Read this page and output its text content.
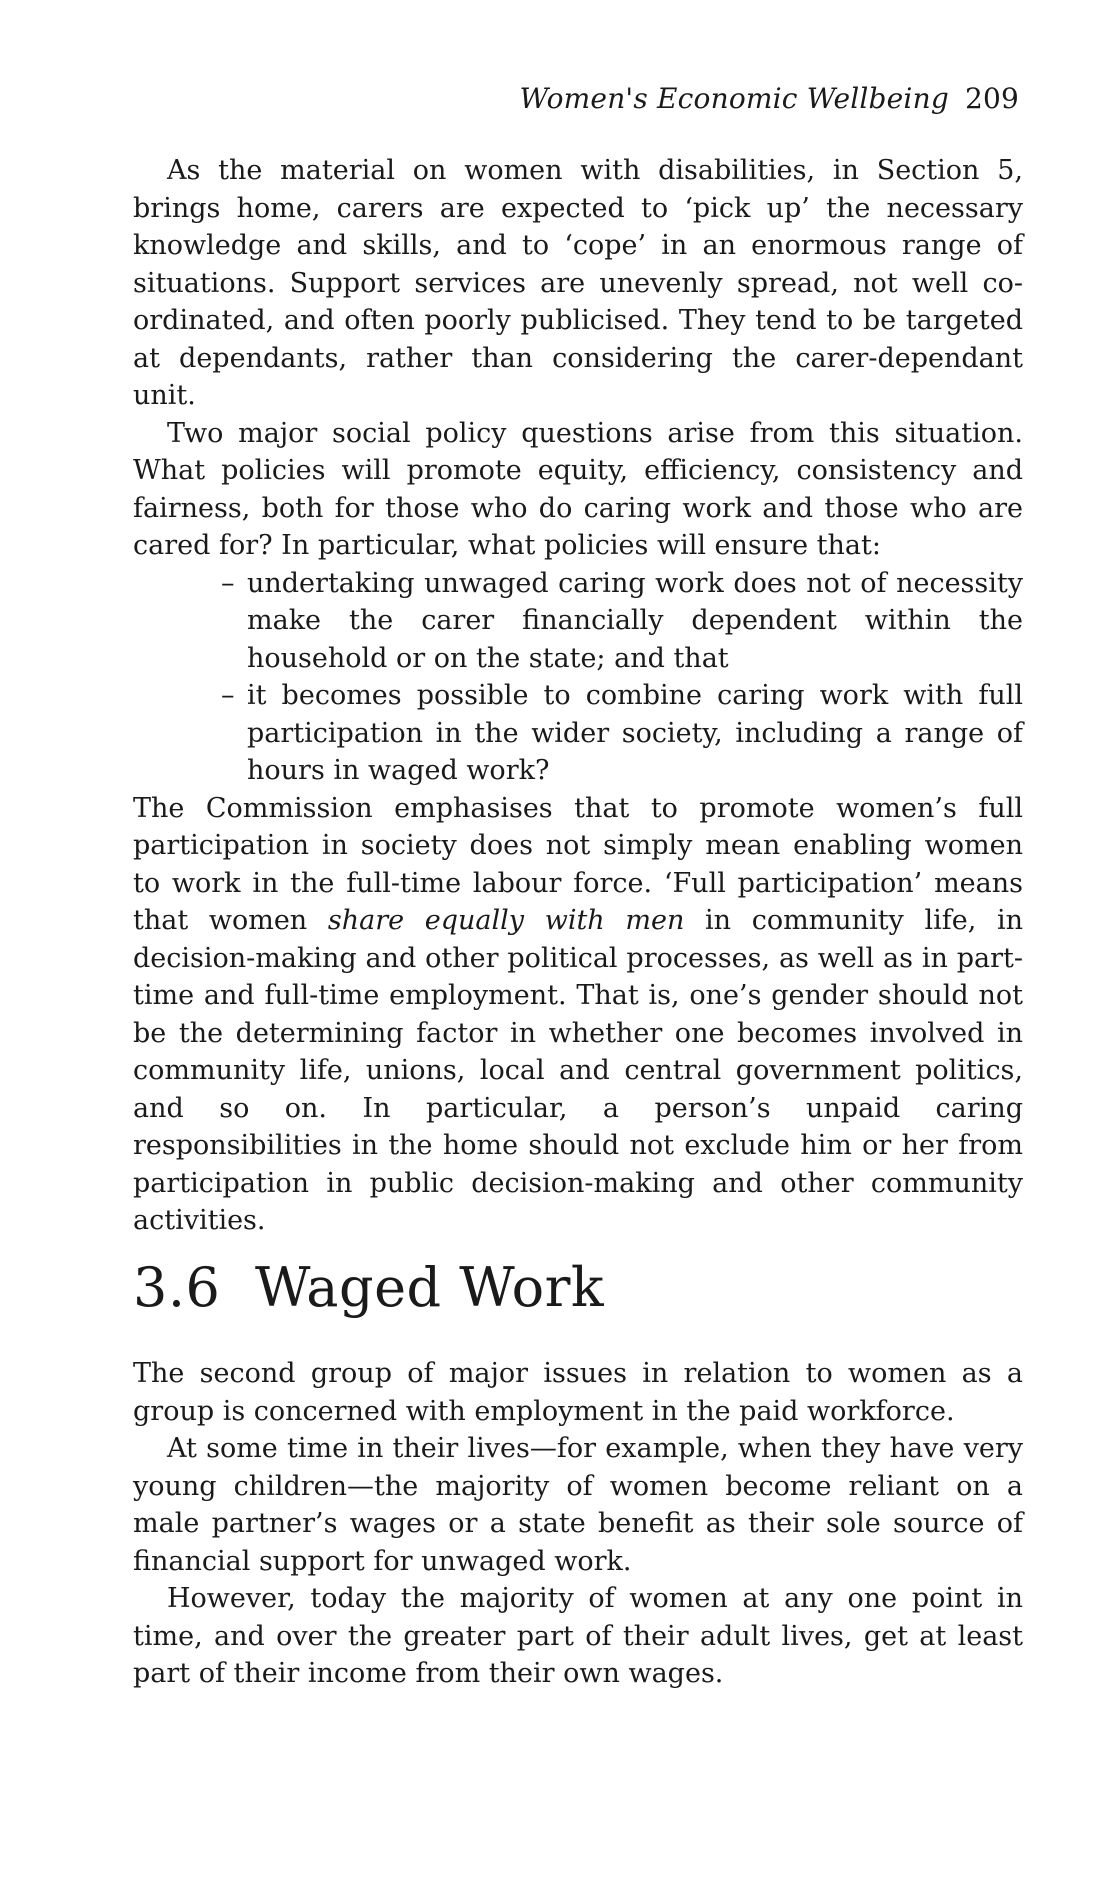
Women's Economic Wellbeing 209

As the material on women with disabilities, in Section 5, brings home, carers are expected to ‘pick up’ the necessary knowledge and skills, and to ‘cope’ in an enormous range of situations. Support services are unevenly spread, not well co-ordinated, and often poorly publicised. They tend to be targeted at dependants, rather than considering the carer-dependant unit.

Two major social policy questions arise from this situation. What policies will promote equity, efficiency, consistency and fairness, both for those who do caring work and those who are cared for? In particular, what policies will ensure that:

– undertaking unwaged caring work does not of necessity make the carer financially dependent within the household or on the state; and that
– it becomes possible to combine caring work with full participation in the wider society, including a range of hours in waged work?

The Commission emphasises that to promote women’s full participation in society does not simply mean enabling women to work in the full-time labour force. ‘Full participation’ means that women share equally with men in community life, in decision-making and other political processes, as well as in part-time and full-time employment. That is, one’s gender should not be the determining factor in whether one becomes involved in community life, unions, local and central government politics, and so on. In particular, a person’s unpaid caring responsibilities in the home should not exclude him or her from participation in public decision-making and other community activities.

3.6 Waged Work

The second group of major issues in relation to women as a group is concerned with employment in the paid workforce.

At some time in their lives—for example, when they have very young children—the majority of women become reliant on a male partner’s wages or a state benefit as their sole source of financial support for unwaged work.

However, today the majority of women at any one point in time, and over the greater part of their adult lives, get at least part of their income from their own wages.
